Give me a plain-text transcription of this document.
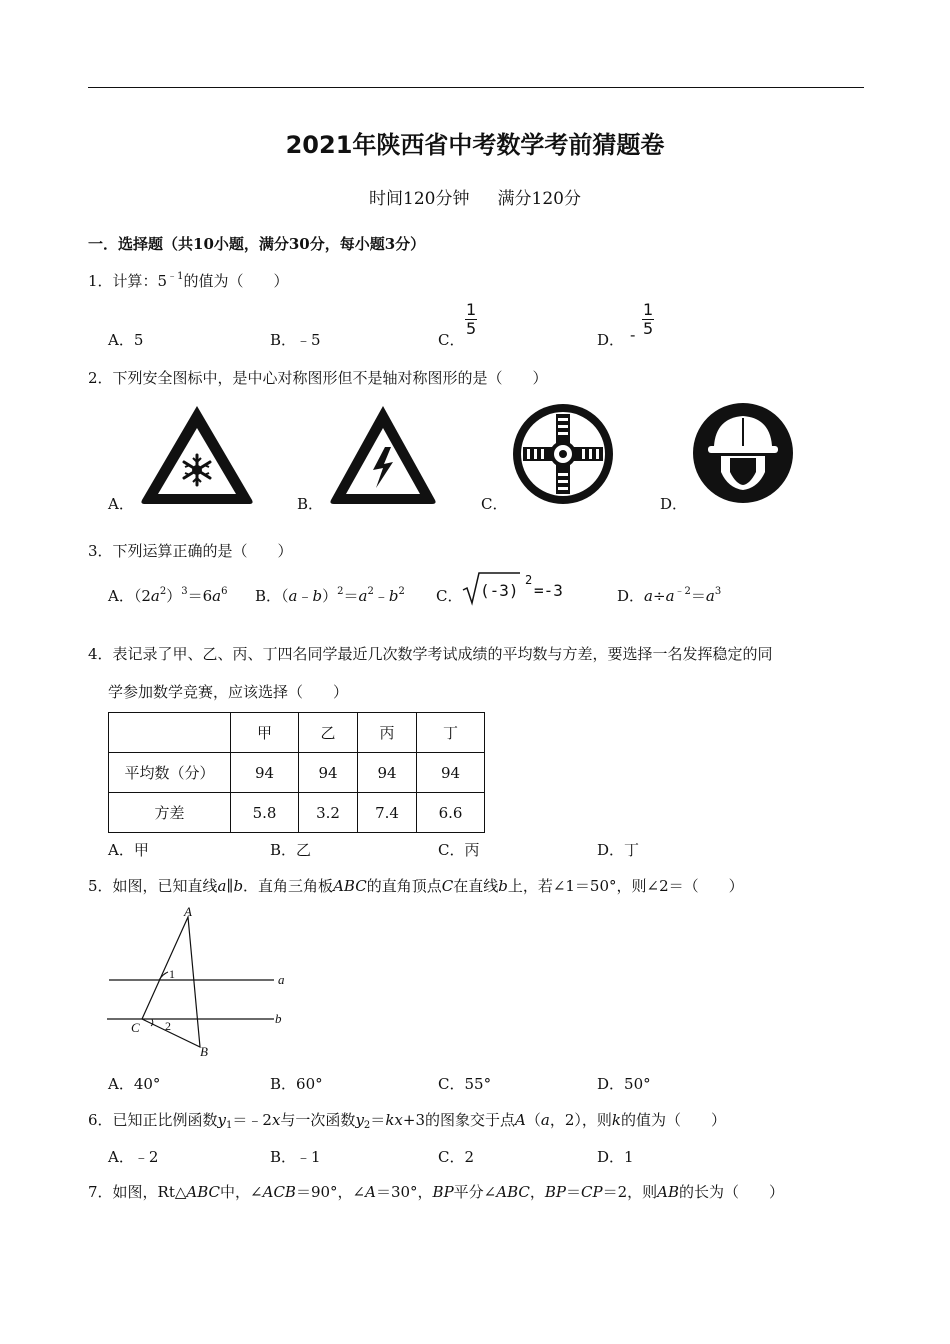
2021年陕西省中考数学考前猜题卷
时间120分钟 满分120分
一．选择题（共10小题，满分30分，每小题3分）
1．计算：$5^{﹣1}$的值为（　　）
A．5	B．﹣5	C．
$\frac{1}{5}$
D． - $\frac{1}{5}$
2．下列安全图标中，是中心对称图形但不是轴对称图形的是（　　）
A．	B．	C．	D．
3．下列运算正确的是（　　）
A．$(2a^2)^3=6a^6$ B．$(a﹣b)^2=a^2﹣b^2$ C． (-3)
2
=-3	D．$a\div a^{﹣2}=a^3$
4．表记录了甲、乙、丙、丁四名同学最近几次数学考试成绩的平均数与方差，要选择一名发挥稳定的同
学参加数学竞赛，应该选择（　　）
	甲	乙	丙	丁
平均数（分）	94	94	94	94
方差	5.8	3.2	7.4	6.6
A．甲	B．乙	C．丙	D．丁
5．如图，已知直线a∥b．直角三角板ABC的直角顶点C在直线b上，若∠1＝50°，则∠2＝（　　）
A
B
C
a
b
1
2
A．40°	B．60°	C．55°	D．50°
6．已知正比例函数$y_1=﹣2x$与一次函数$y_2=kx+3$的图象交于点A（a，2），则k的值为（　　）
A．﹣2	B．﹣1	C．2	D．1
7．如图，Rt△ABC中，∠ACB＝90°，∠A＝30°，BP平分∠ABC，BP＝CP＝2，则AB的长为（　　）
